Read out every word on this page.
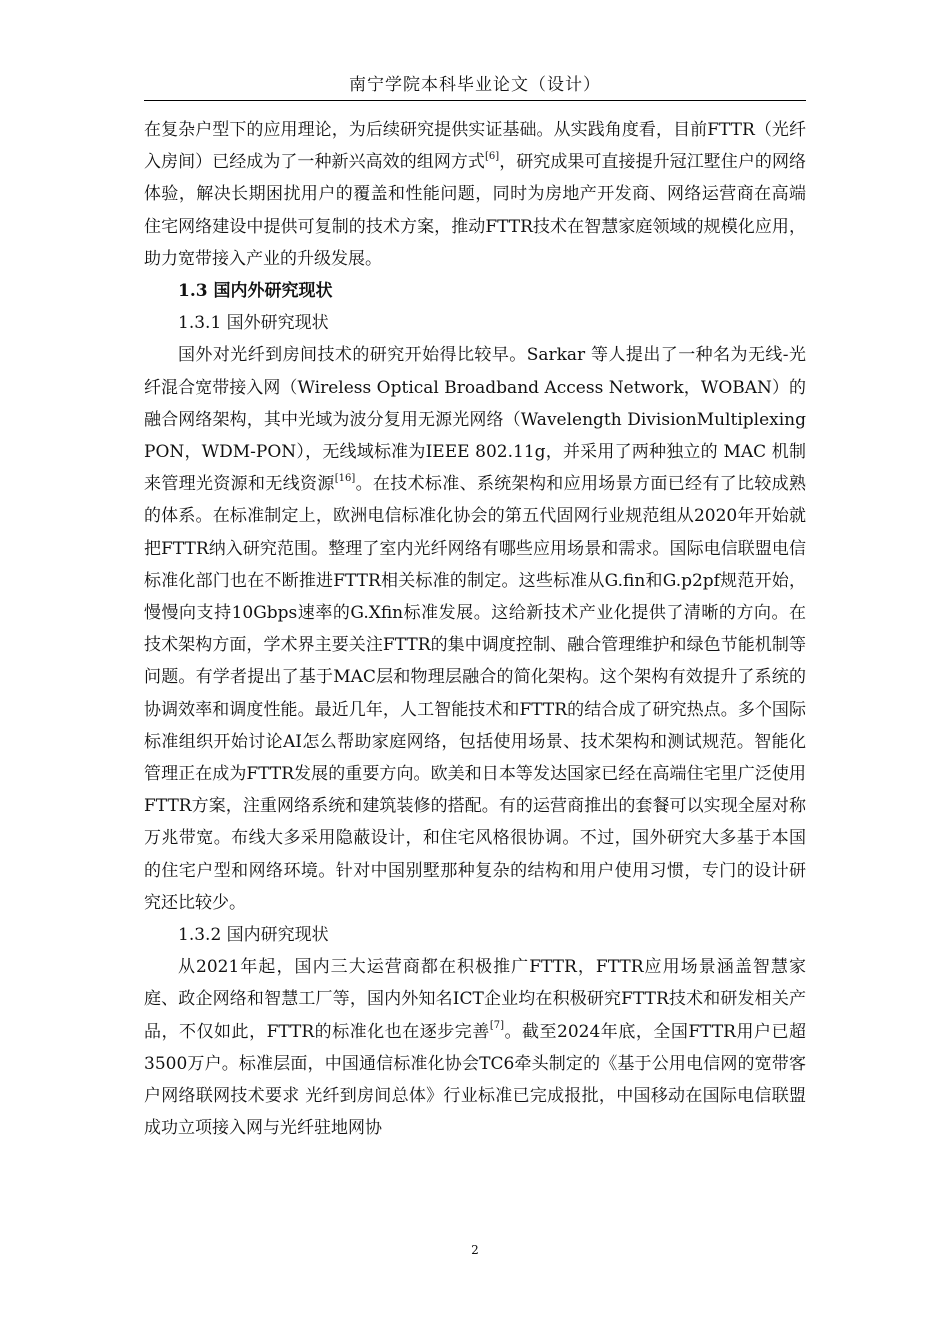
南宁学院本科毕业论文（设计）

在复杂户型下的应用理论，为后续研究提供实证基础。从实践角度看，目前FTTR（光纤入房间）已经成为了一种新兴高效的组网方式[6]，研究成果可直接提升冠江墅住户的网络体验，解决长期困扰用户的覆盖和性能问题，同时为房地产开发商、网络运营商在高端住宅网络建设中提供可复制的技术方案，推动FTTR技术在智慧家庭领域的规模化应用，助力宽带接入产业的升级发展。

1.3 国内外研究现状

1.3.1 国外研究现状

国外对光纤到房间技术的研究开始得比较早。Sarkar 等人提出了一种名为无线-光纤混合宽带接入网（Wireless Optical Broadband Access Network，WOBAN）的融合网络架构，其中光域为波分复用无源光网络（Wavelength DivisionMultiplexing PON，WDM-PON），无线域标准为IEEE 802.11g，并采用了两种独立的 MAC 机制来管理光资源和无线资源[16]。在技术标准、系统架构和应用场景方面已经有了比较成熟的体系。在标准制定上，欧洲电信标准化协会的第五代固网行业规范组从2020年开始就把FTTR纳入研究范围。整理了室内光纤网络有哪些应用场景和需求。国际电信联盟电信标准化部门也在不断推进FTTR相关标准的制定。这些标准从G.fin和G.p2pf规范开始，慢慢向支持10Gbps速率的G.Xfin标准发展。这给新技术产业化提供了清晰的方向。在技术架构方面，学术界主要关注FTTR的集中调度控制、融合管理维护和绿色节能机制等问题。有学者提出了基于MAC层和物理层融合的简化架构。这个架构有效提升了系统的协调效率和调度性能。最近几年，人工智能技术和FTTR的结合成了研究热点。多个国际标准组织开始讨论AI怎么帮助家庭网络，包括使用场景、技术架构和测试规范。智能化管理正在成为FTTR发展的重要方向。欧美和日本等发达国家已经在高端住宅里广泛使用FTTR方案，注重网络系统和建筑装修的搭配。有的运营商推出的套餐可以实现全屋对称万兆带宽。布线大多采用隐蔽设计，和住宅风格很协调。不过，国外研究大多基于本国的住宅户型和网络环境。针对中国别墅那种复杂的结构和用户使用习惯，专门的设计研究还比较少。

1.3.2 国内研究现状

从2021年起，国内三大运营商都在积极推广FTTR，FTTR应用场景涵盖智慧家庭、政企网络和智慧工厂等，国内外知名ICT企业均在积极研究FTTR技术和研发相关产品，不仅如此，FTTR的标准化也在逐步完善[7]。截至2024年底，全国FTTR用户已超3500万户。标准层面，中国通信标准化协会TC6牵头制定的《基于公用电信网的宽带客户网络联网技术要求 光纤到房间总体》行业标准已完成报批，中国移动在国际电信联盟成功立项接入网与光纤驻地网协

2
